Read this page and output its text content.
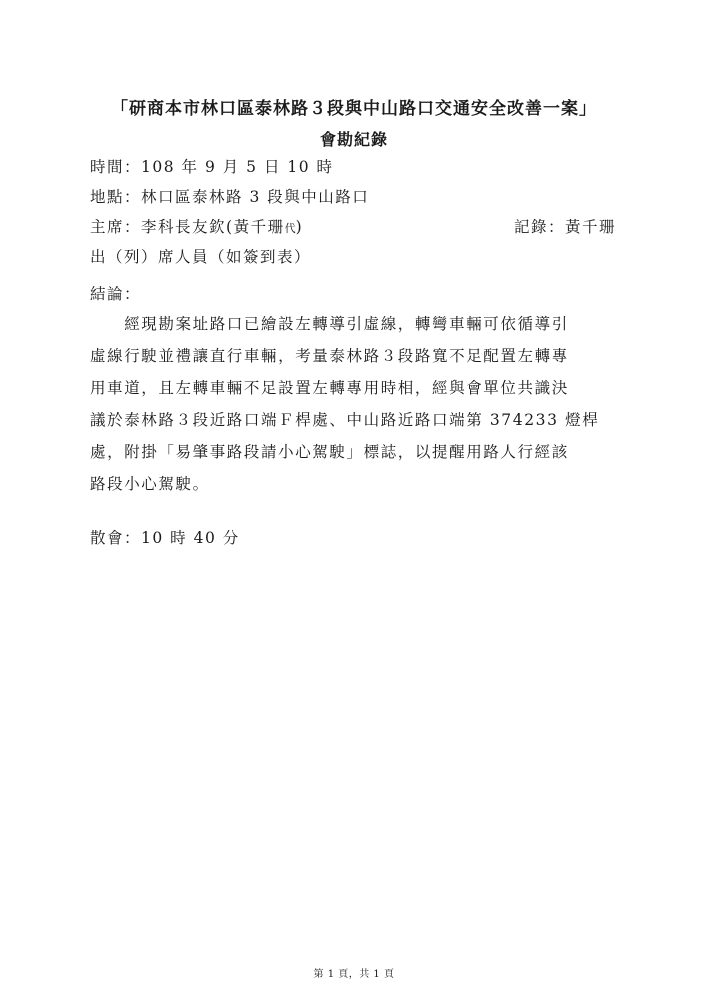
「研商本市林口區泰林路３段與中山路口交通安全改善一案」
會勘紀錄
時間：108 年 9 月 5 日 10 時
地點：林口區泰林路 3 段與中山路口
主席：李科長友欽(黃千珊代)	記錄：黃千珊
出（列）席人員（如簽到表）
結論：

　　經現勘案址路口已繪設左轉導引虛線，轉彎車輛可依循導引
虛線行駛並禮讓直行車輛，考量泰林路３段路寬不足配置左轉專
用車道，且左轉車輛不足設置左轉專用時相，經與會單位共識決
議於泰林路３段近路口端Ｆ桿處、中山路近路口端第 374233 燈桿
處，附掛「易肇事路段請小心駕駛」標誌，以提醒用路人行經該
路段小心駕駛。

散會：10 時 40 分
第 1 頁，共 1 頁
